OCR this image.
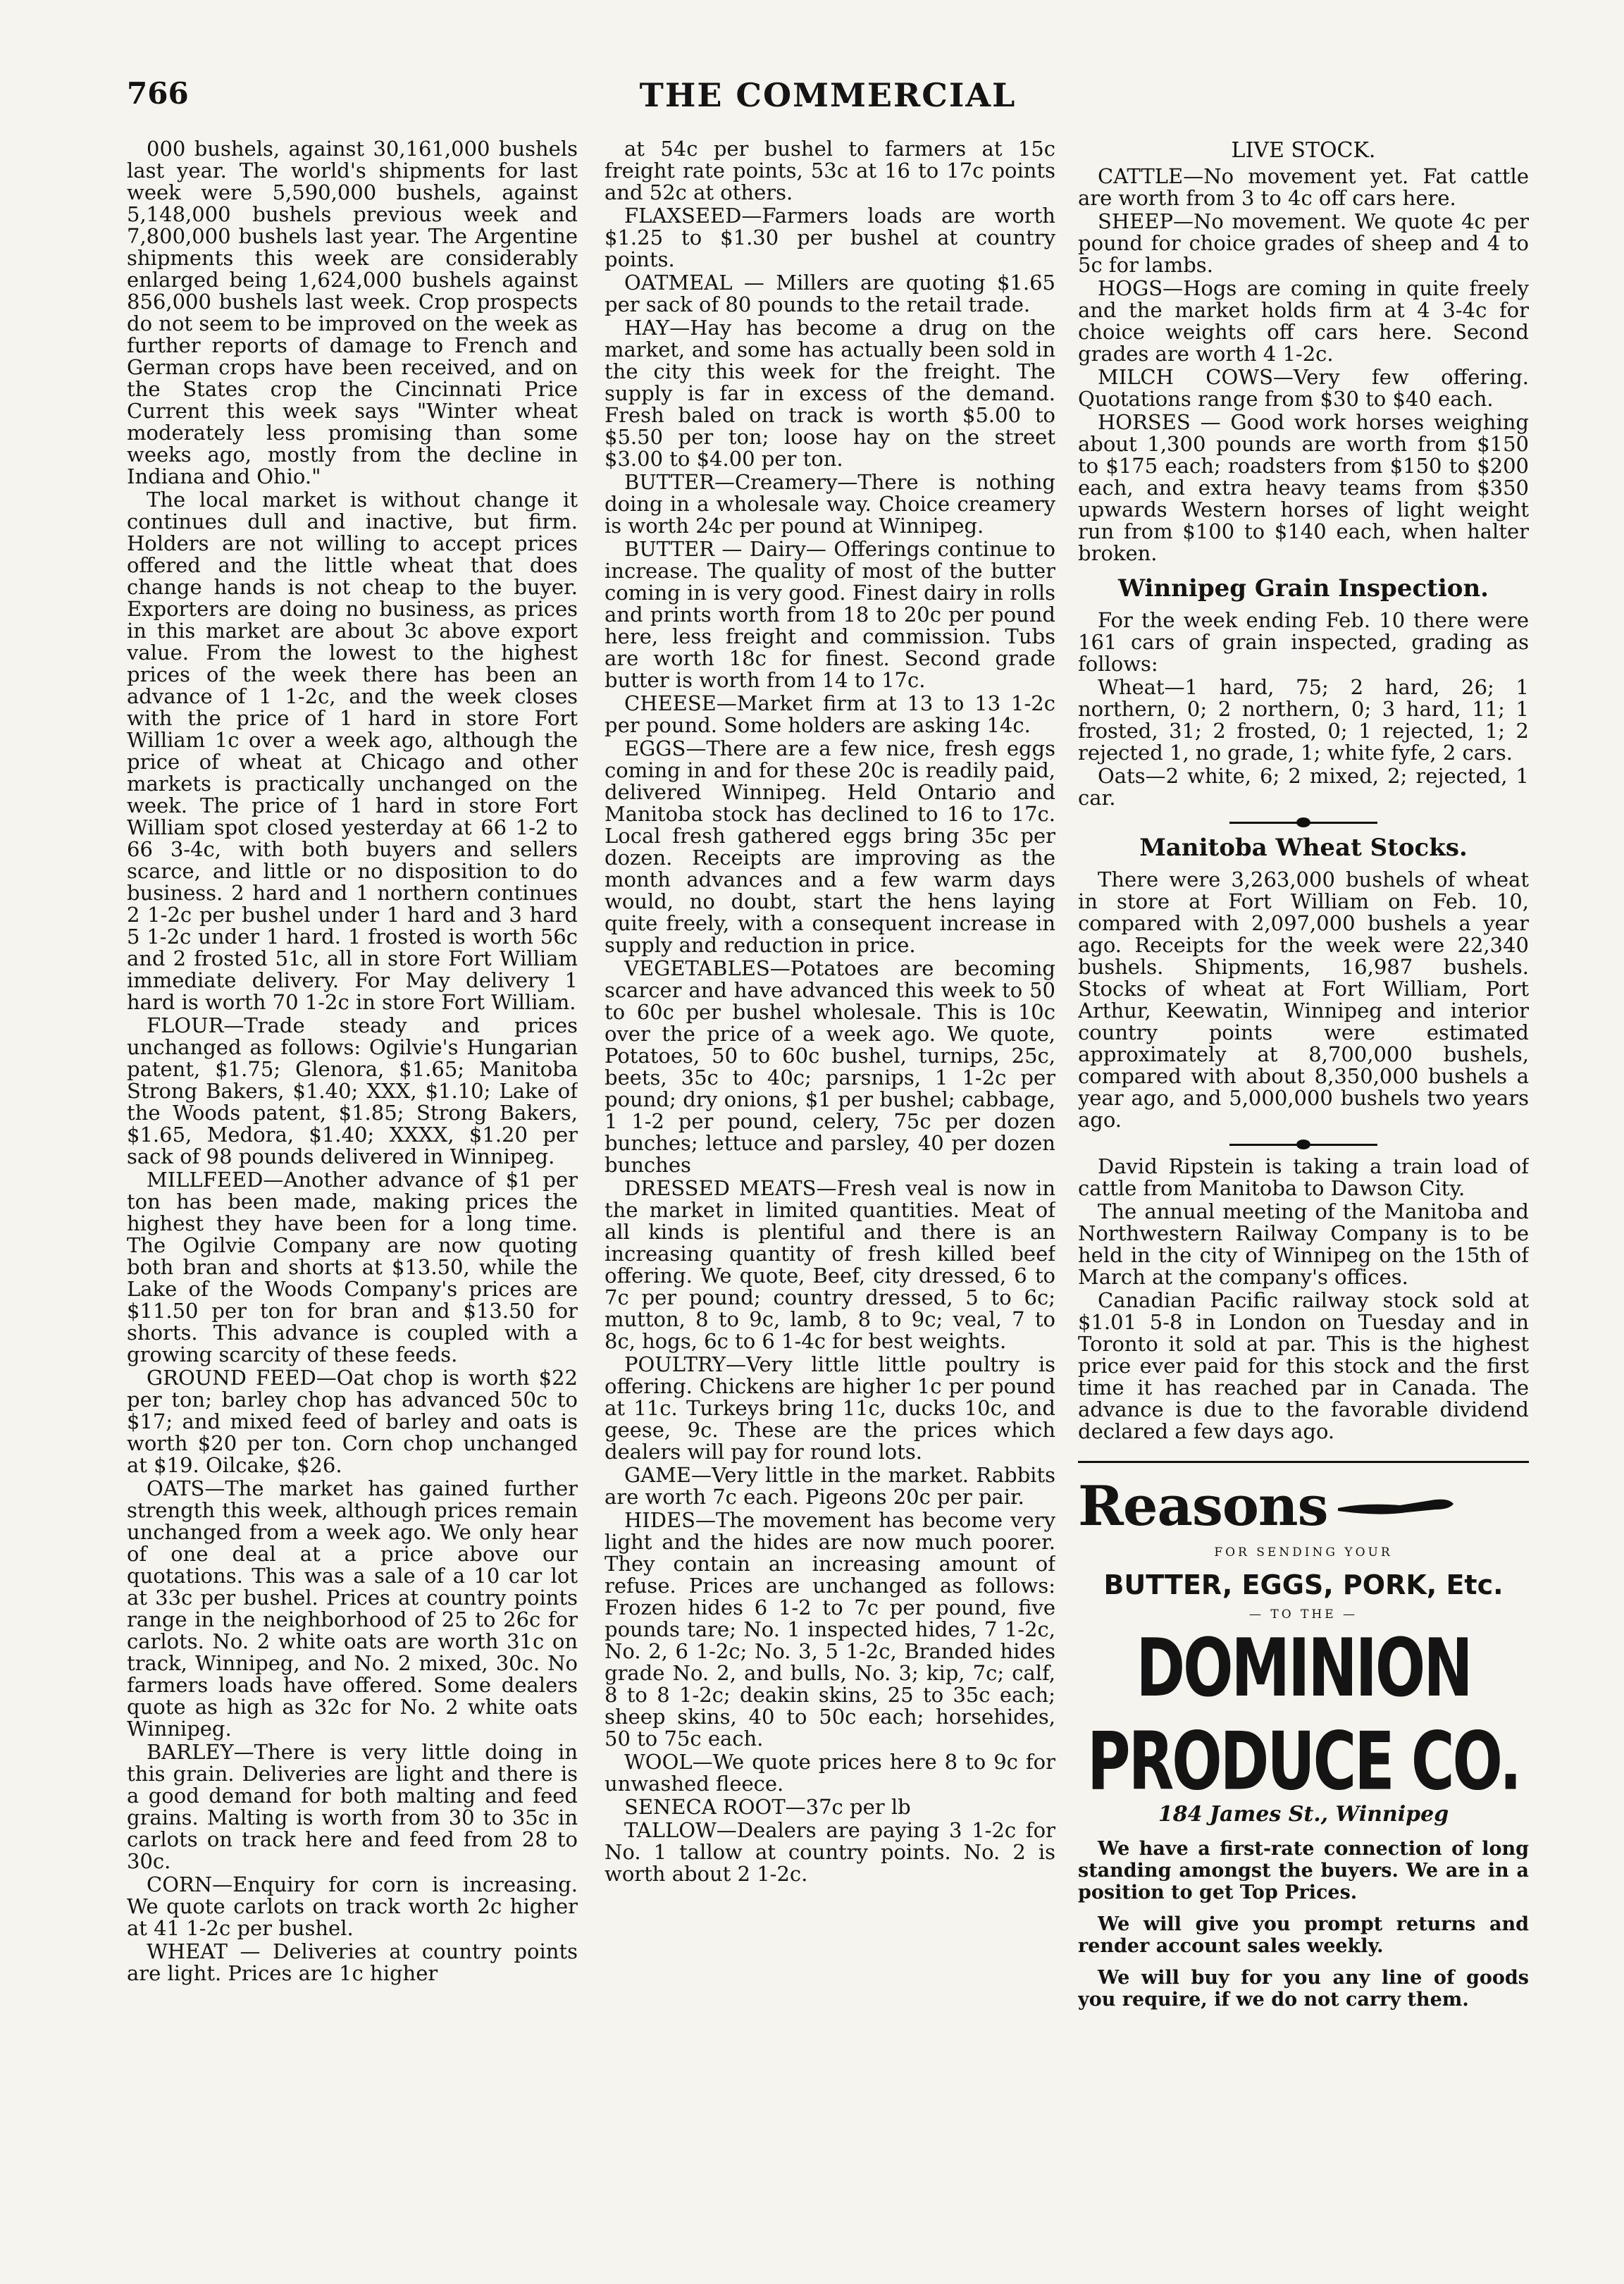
766	THE COMMERCIAL

000 bushels, against 30,161,000 bushels last year. The world's shipments for last week were 5,590,000 bushels, against 5,148,000 bushels previous week and 7,800,000 bushels last year. The Argentine shipments this week are considerably enlarged being 1,624,000 bushels against 856,000 bushels last week. Crop prospects do not seem to be improved on the week as further reports of damage to French and German crops have been received, and on the States crop the Cincinnati Price Current this week says "Winter wheat moderately less promising than some weeks ago, mostly from the decline in Indiana and Ohio."

The local market is without change it continues dull and inactive, but firm. Holders are not willing to accept prices offered and the little wheat that does change hands is not cheap to the buyer. Exporters are doing no business, as prices in this market are about 3c above export value. From the lowest to the highest prices of the week there has been an advance of 1 1-2c, and the week closes with the price of 1 hard in store Fort William 1c over a week ago, although the price of wheat at Chicago and other markets is practically unchanged on the week. The price of 1 hard in store Fort William spot closed yesterday at 66 1-2 to 66 3-4c, with both buyers and sellers scarce, and little or no disposition to do business. 2 hard and 1 northern continues 2 1-2c per bushel under 1 hard and 3 hard 5 1-2c under 1 hard. 1 frosted is worth 56c and 2 frosted 51c, all in store Fort William immediate delivery. For May delivery 1 hard is worth 70 1-2c in store Fort William.

FLOUR—Trade steady and prices unchanged as follows: Ogilvie's Hungarian patent, $1.75; Glenora, $1.65; Manitoba Strong Bakers, $1.40; XXX, $1.10; Lake of the Woods patent, $1.85; Strong Bakers, $1.65, Medora, $1.40; XXXX, $1.20 per sack of 98 pounds delivered in Winnipeg.

MILLFEED—Another advance of $1 per ton has been made, making prices the highest they have been for a long time. The Ogilvie Company are now quoting both bran and shorts at $13.50, while the Lake of the Woods Company's prices are $11.50 per ton for bran and $13.50 for shorts. This advance is coupled with a growing scarcity of these feeds.

GROUND FEED—Oat chop is worth $22 per ton; barley chop has advanced 50c to $17; and mixed feed of barley and oats is worth $20 per ton. Corn chop unchanged at $19. Oilcake, $26.

OATS—The market has gained further strength this week, although prices remain unchanged from a week ago. We only hear of one deal at a price above our quotations. This was a sale of a 10 car lot at 33c per bushel. Prices at country points range in the neighborhood of 25 to 26c for carlots. No. 2 white oats are worth 31c on track, Winnipeg, and No. 2 mixed, 30c. No farmers loads have offered. Some dealers quote as high as 32c for No. 2 white oats Winnipeg.

BARLEY—There is very little doing in this grain. Deliveries are light and there is a good demand for both malting and feed grains. Malting is worth from 30 to 35c in carlots on track here and feed from 28 to 30c.

CORN—Enquiry for corn is increasing. We quote carlots on track worth 2c higher at 41 1-2c per bushel.

WHEAT — Deliveries at country points are light. Prices are 1c higher

at 54c per bushel to farmers at 15c freight rate points, 53c at 16 to 17c points and 52c at others.

FLAXSEED—Farmers loads are worth $1.25 to $1.30 per bushel at country points.

OATMEAL — Millers are quoting $1.65 per sack of 80 pounds to the retail trade.

HAY—Hay has become a drug on the market, and some has actually been sold in the city this week for the freight. The supply is far in excess of the demand. Fresh baled on track is worth $5.00 to $5.50 per ton; loose hay on the street $3.00 to $4.00 per ton.

BUTTER—Creamery—There is nothing doing in a wholesale way. Choice creamery is worth 24c per pound at Winnipeg.

BUTTER — Dairy— Offerings continue to increase. The quality of most of the butter coming in is very good. Finest dairy in rolls and prints worth from 18 to 20c per pound here, less freight and commission. Tubs are worth 18c for finest. Second grade butter is worth from 14 to 17c.

CHEESE—Market firm at 13 to 13 1-2c per pound. Some holders are asking 14c.

EGGS—There are a few nice, fresh eggs coming in and for these 20c is readily paid, delivered Winnipeg. Held Ontario and Manitoba stock has declined to 16 to 17c. Local fresh gathered eggs bring 35c per dozen. Receipts are improving as the month advances and a few warm days would, no doubt, start the hens laying quite freely, with a consequent increase in supply and reduction in price.

VEGETABLES—Potatoes are becoming scarcer and have advanced this week to 50 to 60c per bushel wholesale. This is 10c over the price of a week ago. We quote, Potatoes, 50 to 60c bushel, turnips, 25c, beets, 35c to 40c; parsnips, 1 1-2c per pound; dry onions, $1 per bushel; cabbage, 1 1-2 per pound, celery, 75c per dozen bunches; lettuce and parsley, 40 per dozen bunches

DRESSED MEATS—Fresh veal is now in the market in limited quantities. Meat of all kinds is plentiful and there is an increasing quantity of fresh killed beef offering. We quote, Beef, city dressed, 6 to 7c per pound; country dressed, 5 to 6c; mutton, 8 to 9c, lamb, 8 to 9c; veal, 7 to 8c, hogs, 6c to 6 1-4c for best weights.

POULTRY—Very little little poultry is offering. Chickens are higher 1c per pound at 11c. Turkeys bring 11c, ducks 10c, and geese, 9c. These are the prices which dealers will pay for round lots.

GAME—Very little in the market. Rabbits are worth 7c each. Pigeons 20c per pair.

HIDES—The movement has become very light and the hides are now much poorer. They contain an increasing amount of refuse. Prices are unchanged as follows: Frozen hides 6 1-2 to 7c per pound, five pounds tare; No. 1 inspected hides, 7 1-2c, No. 2, 6 1-2c; No. 3, 5 1-2c, Branded hides grade No. 2, and bulls, No. 3; kip, 7c; calf, 8 to 8 1-2c; deakin skins, 25 to 35c each; sheep skins, 40 to 50c each; horsehides, 50 to 75c each.

WOOL—We quote prices here 8 to 9c for unwashed fleece.

SENECA ROOT—37c per lb

TALLOW—Dealers are paying 3 1-2c for No. 1 tallow at country points. No. 2 is worth about 2 1-2c.

LIVE STOCK.

CATTLE—No movement yet. Fat cattle are worth from 3 to 4c off cars here.

SHEEP—No movement. We quote 4c per pound for choice grades of sheep and 4 to 5c for lambs.

HOGS—Hogs are coming in quite freely and the market holds firm at 4 3-4c for choice weights off cars here. Second grades are worth 4 1-2c.

MILCH COWS—Very few offering. Quotations range from $30 to $40 each.

HORSES — Good work horses weighing about 1,300 pounds are worth from $150 to $175 each; roadsters from $150 to $200 each, and extra heavy teams from $350 upwards Western horses of light weight run from $100 to $140 each, when halter broken.

Winnipeg Grain Inspection.

For the week ending Feb. 10 there were 161 cars of grain inspected, grading as follows:

Wheat—1 hard, 75; 2 hard, 26; 1 northern, 0; 2 northern, 0; 3 hard, 11; 1 frosted, 31; 2 frosted, 0; 1 rejected, 1; 2 rejected 1, no grade, 1; white fyfe, 2 cars.

Oats—2 white, 6; 2 mixed, 2; rejected, 1 car.

Manitoba Wheat Stocks.

There were 3,263,000 bushels of wheat in store at Fort William on Feb. 10, compared with 2,097,000 bushels a year ago. Receipts for the week were 22,340 bushels. Shipments, 16,987 bushels. Stocks of wheat at Fort William, Port Arthur, Keewatin, Winnipeg and interior country points were estimated approximately at 8,700,000 bushels, compared with about 8,350,000 bushels a year ago, and 5,000,000 bushels two years ago.

David Ripstein is taking a train load of cattle from Manitoba to Dawson City.

The annual meeting of the Manitoba and Northwestern Railway Company is to be held in the city of Winnipeg on the 15th of March at the company's offices.

Canadian Pacific railway stock sold at $1.01 5-8 in London on Tuesday and in Toronto it sold at par. This is the highest price ever paid for this stock and the first time it has reached par in Canada. The advance is due to the favorable dividend declared a few days ago.

Reasons
FOR SENDING YOUR
BUTTER, EGGS, PORK, Etc.
— TO THE —
DOMINION PRODUCE CO.
184 James St., Winnipeg

We have a first-rate connection of long standing amongst the buyers. We are in a position to get Top Prices.

We will give you prompt returns and render account sales weekly.

We will buy for you any line of goods you require, if we do not carry them.
